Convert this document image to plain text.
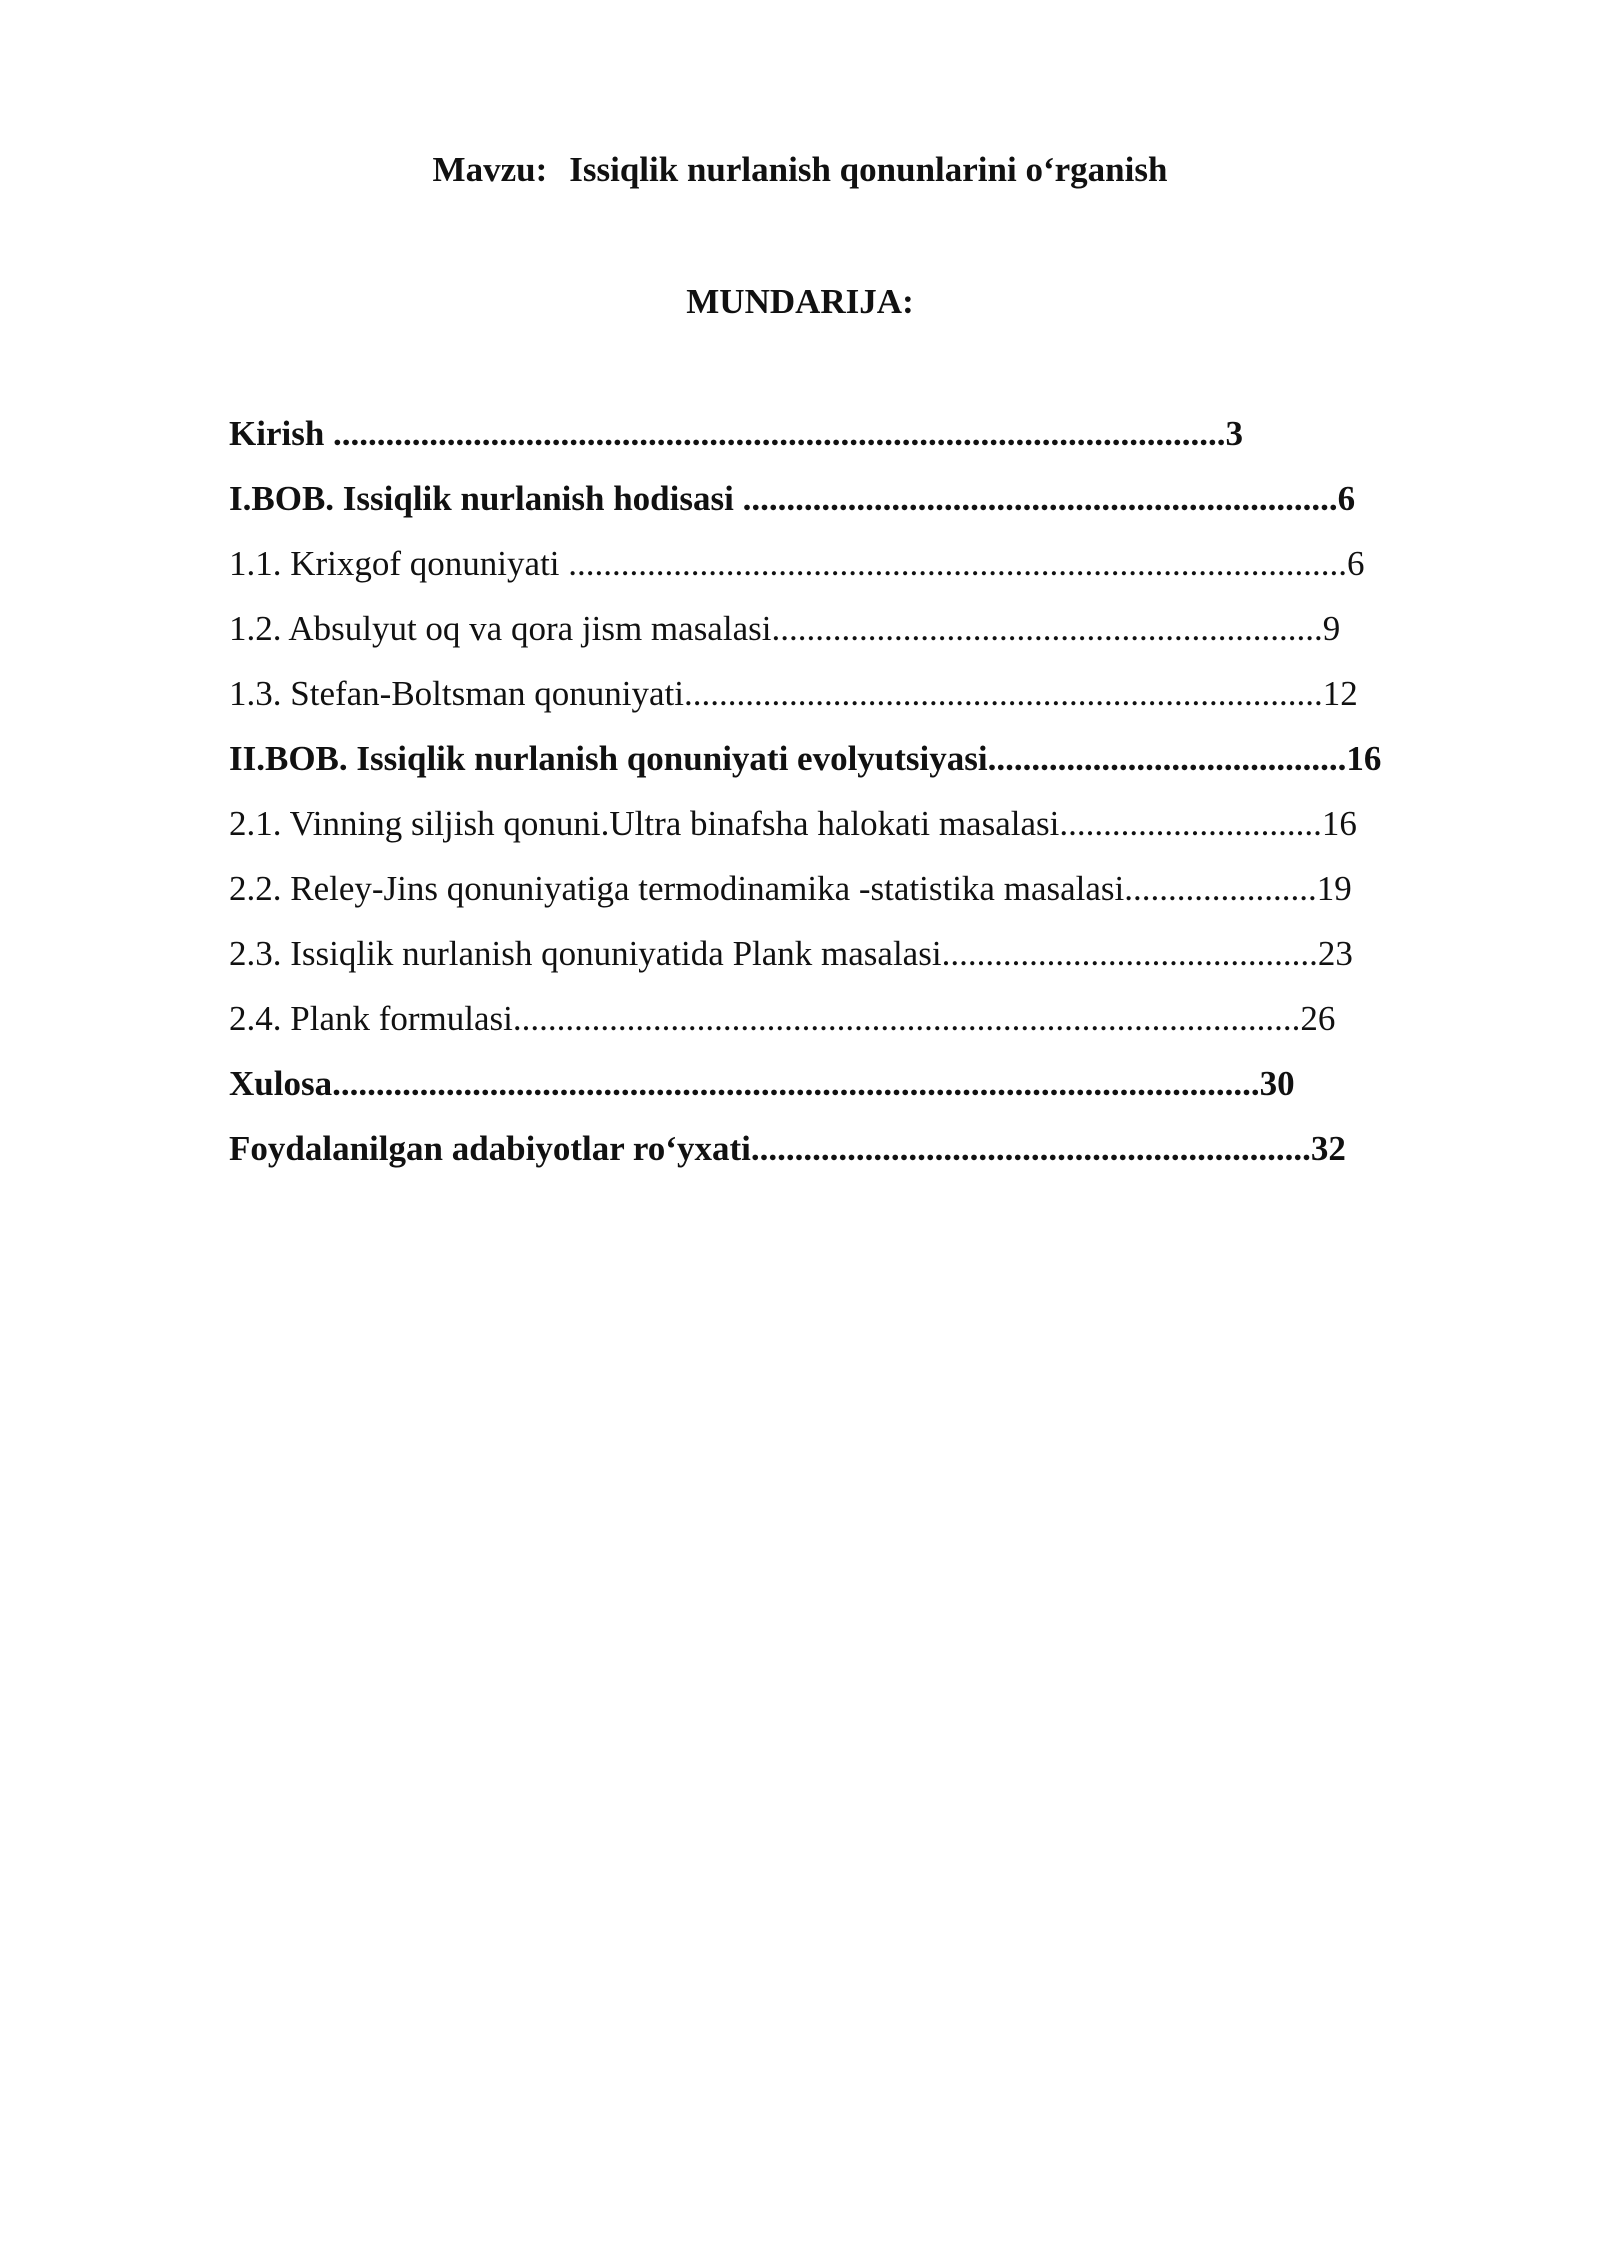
Mavzu: Issiqlik nurlanish qonunlarini o‘rganish
MUNDARIJA:
Kirish ......................................................................................................3
I.BOB. Issiqlik nurlanish hodisasi ....................................................................6
1.1. Krixgof qonuniyati .........................................................................................6
1.2. Absulyut oq va qora jism masalasi...............................................................9
1.3. Stefan-Boltsman qonuniyati.........................................................................12
II.BOB. Issiqlik nurlanish qonuniyati evolyutsiyasi.........................................16
2.1. Vinning siljish qonuni.Ultra binafsha halokati masalasi..............................16
2.2. Reley-Jins qonuniyatiga termodinamika -statistika masalasi......................19
2.3. Issiqlik nurlanish qonuniyatida Plank masalasi...........................................23
2.4. Plank formulasi..........................................................................................26
Xulosa..........................................................................................................30
Foydalanilgan adabiyotlar ro‘yxati................................................................32
